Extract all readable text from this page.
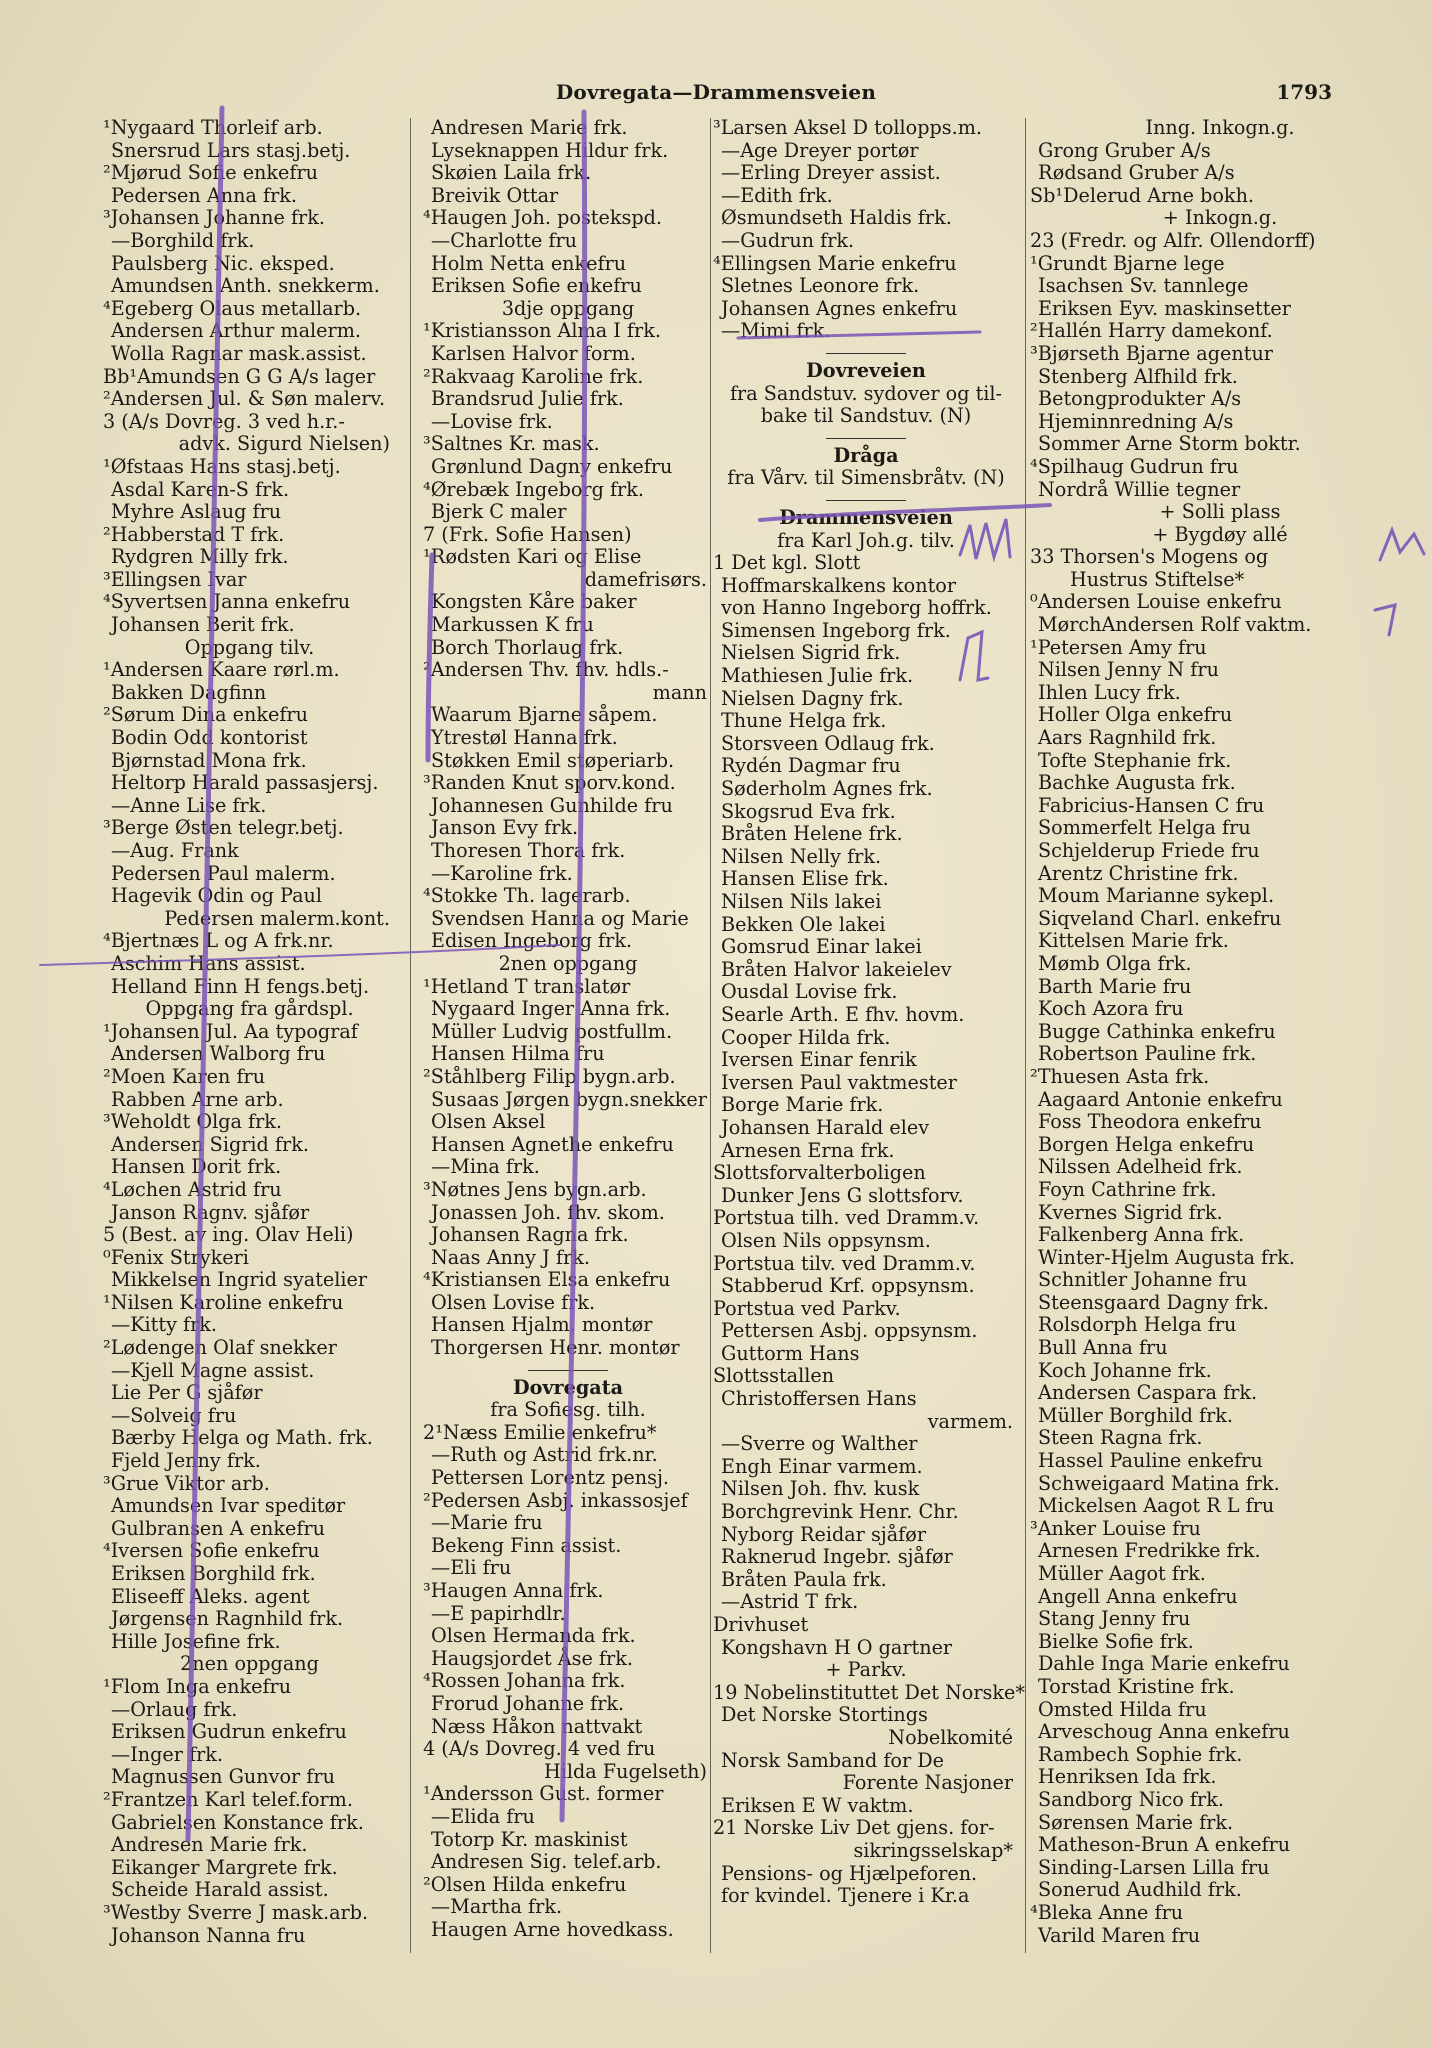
Dovregata—Drammensveien	1793
¹Nygaard Thorleif arb.
Snersrud Lars stasj.betj.
²Mjørud Sofie enkefru
Pedersen Anna frk.
³Johansen Johanne frk.
—Borghild frk.
Paulsberg Nic. eksped.
Amundsen Anth. snekkerm.
⁴Egeberg Olaus metallarb.
Andersen Arthur malerm.
Wolla Ragnar mask.assist.
Bb¹Amundsen G G A/s lager
²Andersen Jul. & Søn malerv.
3 (A/s Dovreg. 3 ved h.r.-
advk. Sigurd Nielsen)
¹Øfstaas Hans stasj.betj.
Asdal Karen-S frk.
Myhre Aslaug fru
²Habberstad T frk.
Rydgren Milly frk.
³Ellingsen Ivar
⁴Syvertsen Janna enkefru
Johansen Berit frk.
Oppgang tilv.
¹Andersen Kaare rørl.m.
Bakken Dagfinn
²Sørum Dina enkefru
Bodin Odd kontorist
Bjørnstad Mona frk.
Heltorp Harald passasjersj.
—Anne Lise frk.
³Berge Østen telegr.betj.
—Aug. Frank
Pedersen Paul malerm.
Hagevik Odin og Paul
Pedersen malerm.kont.
⁴Bjertnæs L og A frk.nr.
Aschim Hans assist.
Helland Finn H fengs.betj.
Oppgang fra gårdspl.
¹Johansen Jul. Aa typograf
Andersen Walborg fru
²Moen Karen fru
Rabben Arne arb.
³Weholdt Olga frk.
Andersen Sigrid frk.
Hansen Dorit frk.
⁴Løchen Astrid fru
Janson Ragnv. sjåfør
5 (Best. av ing. Olav Heli)
⁰Fenix Strykeri
Mikkelsen Ingrid syatelier
¹Nilsen Karoline enkefru
—Kitty frk.
²Lødengen Olaf snekker
—Kjell Magne assist.
Lie Per G sjåfør
—Solveig fru
Bærby Helga og Math. frk.
Fjeld Jenny frk.
³Grue Viktor arb.
Amundsen Ivar speditør
Gulbransen A enkefru
⁴Iversen Sofie enkefru
Eriksen Borghild frk.
Eliseeff Aleks. agent
Jørgensen Ragnhild frk.
Hille Josefine frk.
2nen oppgang
¹Flom Inga enkefru
—Orlaug frk.
Eriksen Gudrun enkefru
—Inger frk.
Magnussen Gunvor fru
²Frantzen Karl telef.form.
Gabrielsen Konstance frk.
Andresen Marie frk.
Eikanger Margrete frk.
Scheide Harald assist.
³Westby Sverre J mask.arb.
Johanson Nanna fru
Andresen Marie frk.
Lyseknappen Hildur frk.
Skøien Laila frk.
Breivik Ottar
⁴Haugen Joh. postekspd.
—Charlotte fru
Holm Netta enkefru
Eriksen Sofie enkefru
3dje oppgang
¹Kristiansson Alma I frk.
Karlsen Halvor form.
²Rakvaag Karoline frk.
Brandsrud Julie frk.
—Lovise frk.
³Saltnes Kr. mask.
Grønlund Dagny enkefru
⁴Ørebæk Ingeborg frk.
Bjerk C maler
7 (Frk. Sofie Hansen)
¹Rødsten Kari og Elise
damefrisørs.
Kongsten Kåre baker
Markussen K fru
Borch Thorlaug frk.
²Andersen Thv. fhv. hdls.-
mann
Waarum Bjarne såpem.
Ytrestøl Hanna frk.
Støkken Emil støperiarb.
³Randen Knut sporv.kond.
Johannesen Gunhilde fru
Janson Evy frk.
Thoresen Thora frk.
—Karoline frk.
⁴Stokke Th. lagerarb.
Svendsen Hanna og Marie
Edisen Ingeborg frk.
2nen oppgang
¹Hetland T translatør
Nygaard Inger Anna frk.
Müller Ludvig postfullm.
Hansen Hilma fru
²Ståhlberg Filip bygn.arb.
Susaas Jørgen bygn.snekker
Olsen Aksel
Hansen Agnethe enkefru
—Mina frk.
³Nøtnes Jens bygn.arb.
Jonassen Joh. fhv. skom.
Johansen Ragna frk.
Naas Anny J frk.
⁴Kristiansen Elsa enkefru
Olsen Lovise frk.
Hansen Hjalm. montør
Thorgersen Henr. montør
Dovregata
fra Sofiesg. tilh.
2¹Næss Emilie enkefru*
—Ruth og Astrid frk.nr.
Pettersen Lorentz pensj.
²Pedersen Asbj. inkassosjef
—Marie fru
Bekeng Finn assist.
—Eli fru
³Haugen Anna frk.
—E papirhdlr.
Olsen Hermanda frk.
Haugsjordet Åse frk.
⁴Rossen Johanna frk.
Frorud Johanne frk.
Næss Håkon nattvakt
4 (A/s Dovreg. 4 ved fru
Hilda Fugelseth)
¹Andersson Gust. former
—Elida fru
Totorp Kr. maskinist
Andresen Sig. telef.arb.
²Olsen Hilda enkefru
—Martha frk.
Haugen Arne hovedkass.
³Larsen Aksel D tollopps.m.
—Age Dreyer portør
—Erling Dreyer assist.
—Edith frk.
Øsmundseth Haldis frk.
—Gudrun frk.
⁴Ellingsen Marie enkefru
Sletnes Leonore frk.
Johansen Agnes enkefru
—Mimi frk.
Dovreveien
fra Sandstuv. sydover og til-
bake til Sandstuv. (N)
Dråga
fra Vårv. til Simensbråtv. (N)
Drammensveien
fra Karl Joh.g. tilv.
1 Det kgl. Slott
Hoffmarskalkens kontor
von Hanno Ingeborg hoffrk.
Simensen Ingeborg frk.
Nielsen Sigrid frk.
Mathiesen Julie frk.
Nielsen Dagny frk.
Thune Helga frk.
Storsveen Odlaug frk.
Rydén Dagmar fru
Søderholm Agnes frk.
Skogsrud Eva frk.
Bråten Helene frk.
Nilsen Nelly frk.
Hansen Elise frk.
Nilsen Nils lakei
Bekken Ole lakei
Gomsrud Einar lakei
Bråten Halvor lakeielev
Ousdal Lovise frk.
Searle Arth. E fhv. hovm.
Cooper Hilda frk.
Iversen Einar fenrik
Iversen Paul vaktmester
Borge Marie frk.
Johansen Harald elev
Arnesen Erna frk.
Slottsforvalterboligen
Dunker Jens G slottsforv.
Portstua tilh. ved Dramm.v.
Olsen Nils oppsynsm.
Portstua tilv. ved Dramm.v.
Stabberud Krf. oppsynsm.
Portstua ved Parkv.
Pettersen Asbj. oppsynsm.
Guttorm Hans
Slottsstallen
Christoffersen Hans
varmem.
—Sverre og Walther
Engh Einar varmem.
Nilsen Joh. fhv. kusk
Borchgrevink Henr. Chr.
Nyborg Reidar sjåfør
Raknerud Ingebr. sjåfør
Bråten Paula frk.
—Astrid T frk.
Drivhuset
Kongshavn H O gartner
+ Parkv.
19 Nobelinstituttet Det Norske*
Det Norske Stortings
Nobelkomité
Norsk Samband for De
Forente Nasjoner
Eriksen E W vaktm.
21 Norske Liv Det gjens. for-
sikringsselskap*
Pensions- og Hjælpeforen.
for kvindel. Tjenere i Kr.a
Inng. Inkogn.g.
Grong Gruber A/s
Rødsand Gruber A/s
Sb¹Delerud Arne bokh.
+ Inkogn.g.
23 (Fredr. og Alfr. Ollendorff)
¹Grundt Bjarne lege
Isachsen Sv. tannlege
Eriksen Eyv. maskinsetter
²Hallén Harry damekonf.
³Bjørseth Bjarne agentur
Stenberg Alfhild frk.
Betongprodukter A/s
Hjeminnredning A/s
Sommer Arne Storm boktr.
⁴Spilhaug Gudrun fru
Nordrå Willie tegner
+ Solli plass
+ Bygdøy allé
33 Thorsen's Mogens og
Hustrus Stiftelse*
⁰Andersen Louise enkefru
MørchAndersen Rolf vaktm.
¹Petersen Amy fru
Nilsen Jenny N fru
Ihlen Lucy frk.
Holler Olga enkefru
Aars Ragnhild frk.
Tofte Stephanie frk.
Bachke Augusta frk.
Fabricius-Hansen C fru
Sommerfelt Helga fru
Schjelderup Friede fru
Arentz Christine frk.
Moum Marianne sykepl.
Siqveland Charl. enkefru
Kittelsen Marie frk.
Mømb Olga frk.
Barth Marie fru
Koch Azora fru
Bugge Cathinka enkefru
Robertson Pauline frk.
²Thuesen Asta frk.
Aagaard Antonie enkefru
Foss Theodora enkefru
Borgen Helga enkefru
Nilssen Adelheid frk.
Foyn Cathrine frk.
Kvernes Sigrid frk.
Falkenberg Anna frk.
Winter-Hjelm Augusta frk.
Schnitler Johanne fru
Steensgaard Dagny frk.
Rolsdorph Helga fru
Bull Anna fru
Koch Johanne frk.
Andersen Caspara frk.
Müller Borghild frk.
Steen Ragna frk.
Hassel Pauline enkefru
Schweigaard Matina frk.
Mickelsen Aagot R L fru
³Anker Louise fru
Arnesen Fredrikke frk.
Müller Aagot frk.
Angell Anna enkefru
Stang Jenny fru
Bielke Sofie frk.
Dahle Inga Marie enkefru
Torstad Kristine frk.
Omsted Hilda fru
Arveschoug Anna enkefru
Rambech Sophie frk.
Henriksen Ida frk.
Sandborg Nico frk.
Sørensen Marie frk.
Matheson-Brun A enkefru
Sinding-Larsen Lilla fru
Sonerud Audhild frk.
⁴Bleka Anne fru
Varild Maren fru
